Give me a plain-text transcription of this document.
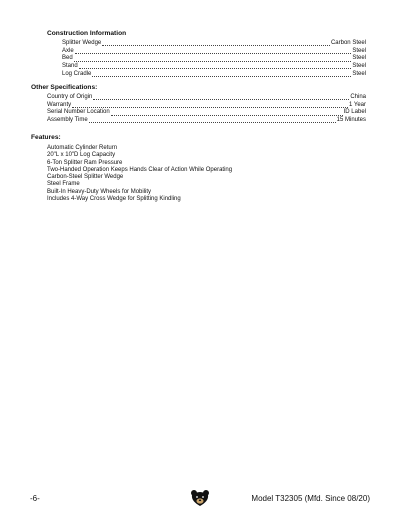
Construction Information
Splitter Wedge	Carbon Steel
Axle	Steel
Bed	Steel
Stand	Steel
Log Cradle	Steel
Other Specifications:
Country of Origin	China
Warranty	1 Year
Serial Number Location	ID Label
Assembly Time	15 Minutes
Features:
Automatic Cylinder Return
20"L x 10"D Log Capacity
6-Ton Splitter Ram Pressure
Two-Handed Operation Keeps Hands Clear of Action While Operating
Carbon-Steel Splitter Wedge
Steel Frame
Built-In Heavy-Duty Wheels for Mobility
Includes 4-Way Cross Wedge for Splitting Kindling
-6-	Model T32305 (Mfd. Since 08/20)
